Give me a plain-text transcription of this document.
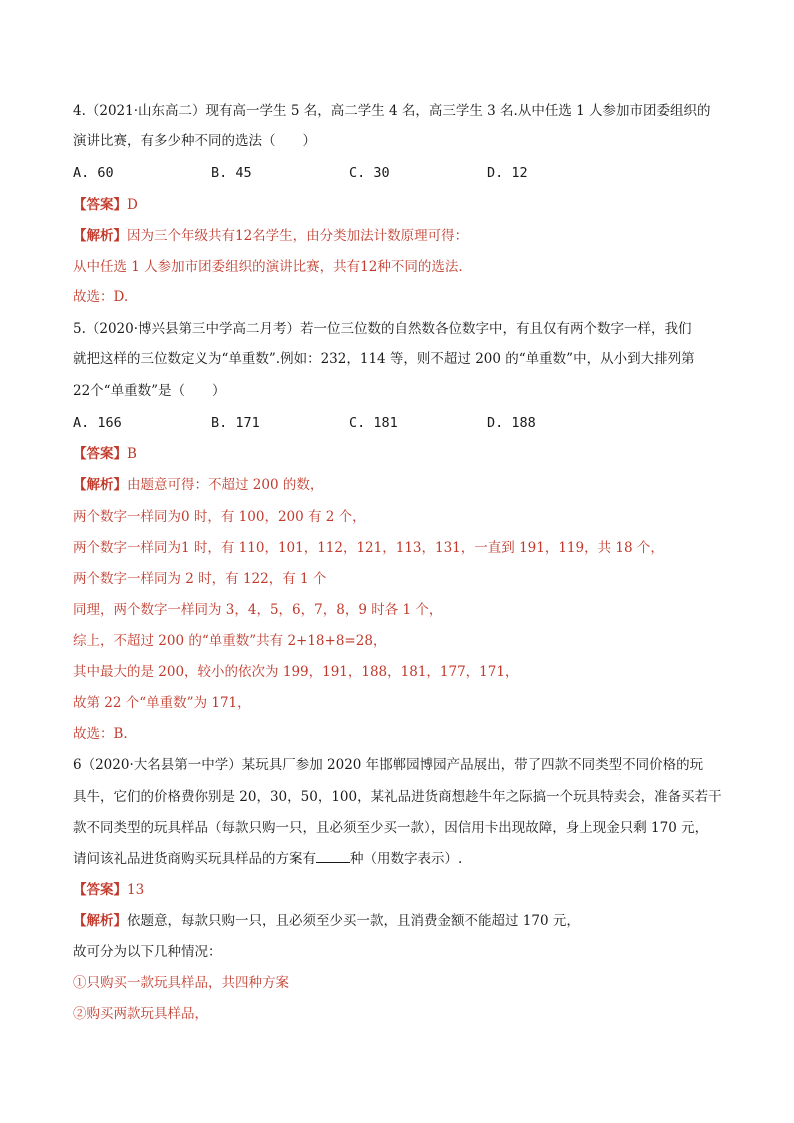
4.（2021·山东高二）现有高一学生 5 名，高二学生 4 名，高三学生 3 名.从中任选 1 人参加市团委组织的
演讲比赛，有多少种不同的选法（　　）
A. 60	B. 45	C. 30	D. 12
【答案】D
【解析】因为三个年级共有12名学生，由分类加法计数原理可得：
从中任选 1 人参加市团委组织的演讲比赛，共有12种不同的选法.
故选：D.
5.（2020·博兴县第三中学高二月考）若一位三位数的自然数各位数字中，有且仅有两个数字一样，我们
就把这样的三位数定义为“单重数”.例如：232，114 等，则不超过 200 的“单重数”中，从小到大排列第
22个“单重数”是（　　）
A. 166	B. 171	C. 181	D. 188
【答案】B
【解析】由题意可得：不超过 200 的数，
两个数字一样同为0 时，有 100，200 有 2 个，
两个数字一样同为1 时，有 110，101，112，121，113，131，一直到 191，119，共 18 个，
两个数字一样同为 2 时，有 122，有 1 个
同理，两个数字一样同为 3，4，5，6，7，8，9 时各 1 个，
综上，不超过 200 的“单重数”共有 2+18+8=28，
其中最大的是 200，较小的依次为 199，191，188，181，177，171，
故第 22 个“单重数”为 171，
故选：B.
6（2020·大名县第一中学）某玩具厂参加 2020 年邯郸园博园产品展出，带了四款不同类型不同价格的玩
具牛，它们的价格费你别是 20，30，50，100，某礼品进货商想趁牛年之际搞一个玩具特卖会，准备买若干
款不同类型的玩具样品（每款只购一只，且必须至少买一款），因信用卡出现故障，身上现金只剩 170 元，
请问该礼品进货商购买玩具样品的方案有	种（用数字表示）.
【答案】13
【解析】依题意，每款只购一只，且必须至少买一款，且消费金额不能超过 170 元，
故可分为以下几种情况：
①只购买一款玩具样品，共四种方案
②购买两款玩具样品，
